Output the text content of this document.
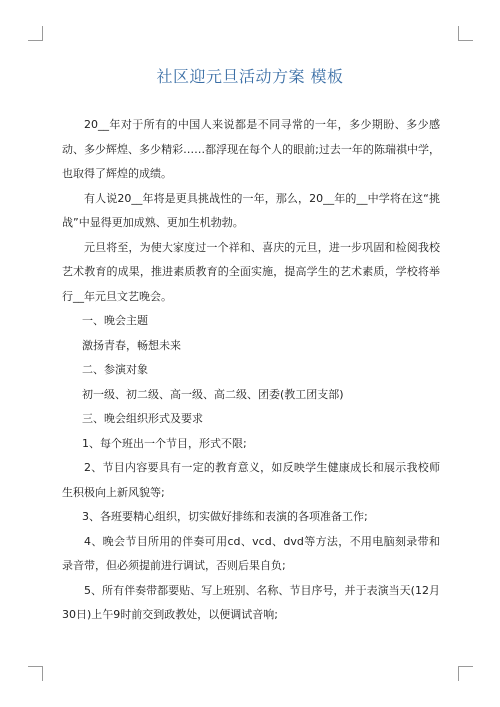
社区迎元旦活动方案 模板

20__年对于所有的中国人来说都是不同寻常的一年，多少期盼、多少感动、多少辉煌、多少精彩……都浮现在每个人的眼前;过去一年的陈瑞祺中学，也取得了辉煌的成绩。

有人说20__年将是更具挑战性的一年，那么，20__年的__中学将在这“挑战”中显得更加成熟、更加生机勃勃。

元旦将至，为使大家度过一个祥和、喜庆的元旦，进一步巩固和检阅我校艺术教育的成果，推进素质教育的全面实施，提高学生的艺术素质，学校将举行__年元旦文艺晚会。

一、晚会主题

激扬青春，畅想未来

二、参演对象

初一级、初二级、高一级、高二级、团委(教工团支部)

三、晚会组织形式及要求

1、每个班出一个节目，形式不限;

2、节目内容要具有一定的教育意义，如反映学生健康成长和展示我校师生积极向上新风貌等;

3、各班要精心组织，切实做好排练和表演的各项准备工作;

4、晚会节目所用的伴奏可用cd、vcd、dvd等方法，不用电脑刻录带和录音带，但必须提前进行调试，否则后果自负;

5、所有伴奏带都要贴、写上班别、名称、节目序号，并于表演当天(12月30日)上午9时前交到政教处，以便调试音响;
